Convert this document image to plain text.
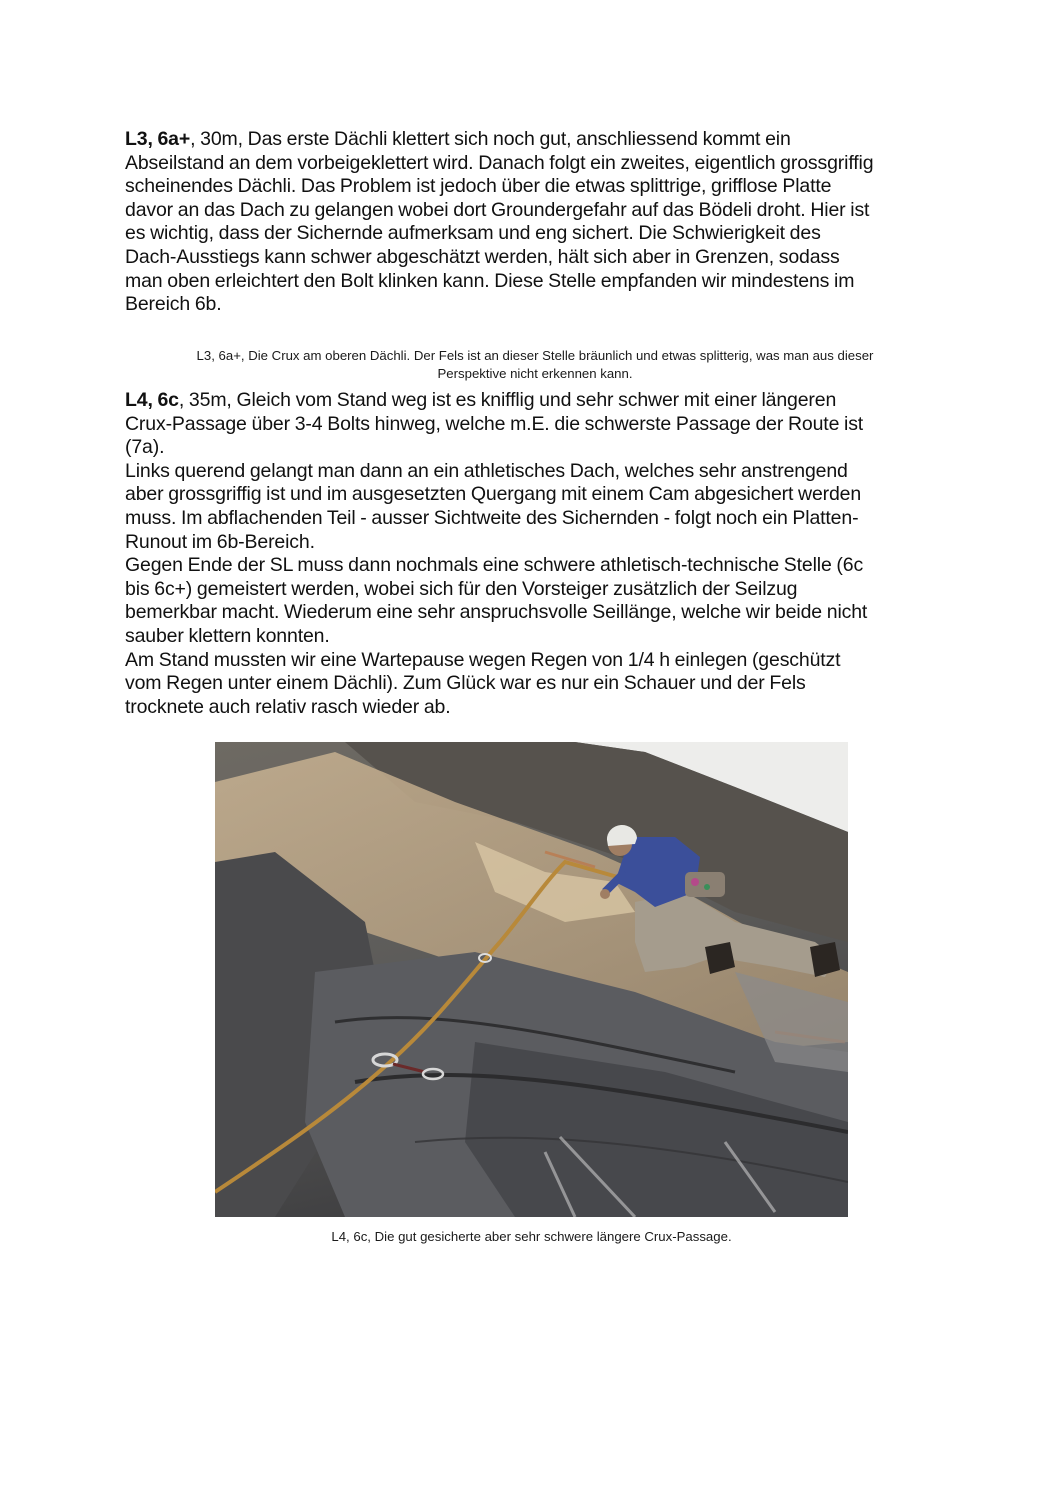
L3, 6a+, 30m, Das erste Dächli klettert sich noch gut, anschliessend kommt ein
Abseilstand an dem vorbeigeklettert wird. Danach folgt ein zweites, eigentlich grossgriffig
scheinendes Dächli. Das Problem ist jedoch über die etwas splittrige, grifflose Platte
davor an das Dach zu gelangen wobei dort Groundergefahr auf das Bödeli droht. Hier ist
es wichtig, dass der Sichernde aufmerksam und eng sichert. Die Schwierigkeit des
Dach-Ausstiegs kann schwer abgeschätzt werden, hält sich aber in Grenzen, sodass
man oben erleichtert den Bolt klinken kann. Diese Stelle empfanden wir mindestens im
Bereich 6b.
L3, 6a+, Die Crux am oberen Dächli. Der Fels ist an dieser Stelle bräunlich und etwas splitterig, was man aus dieser
Perspektive nicht erkennen kann.
L4, 6c, 35m, Gleich vom Stand weg ist es knifflig und sehr schwer mit einer längeren
Crux-Passage über 3-4 Bolts hinweg, welche m.E. die schwerste Passage der Route ist
(7a).
Links querend gelangt man dann an ein athletisches Dach, welches sehr anstrengend
aber grossgriffig ist und im ausgesetzten Quergang mit einem Cam abgesichert werden
muss. Im abflachenden Teil - ausser Sichtweite des Sichernden - folgt noch ein Platten-
Runout im 6b-Bereich.
Gegen Ende der SL muss dann nochmals eine schwere athletisch-technische Stelle (6c
bis 6c+) gemeistert werden, wobei sich für den Vorsteiger zusätzlich der Seilzug
bemerkbar macht. Wiederum eine sehr anspruchsvolle Seillänge, welche wir beide nicht
sauber klettern konnten.
Am Stand mussten wir eine Wartepause wegen Regen von 1/4 h einlegen (geschützt
vom Regen unter einem Dächli). Zum Glück war es nur ein Schauer und der Fels
trocknete auch relativ rasch wieder ab.
L4, 6c, Die gut gesicherte aber sehr schwere längere Crux-Passage.
